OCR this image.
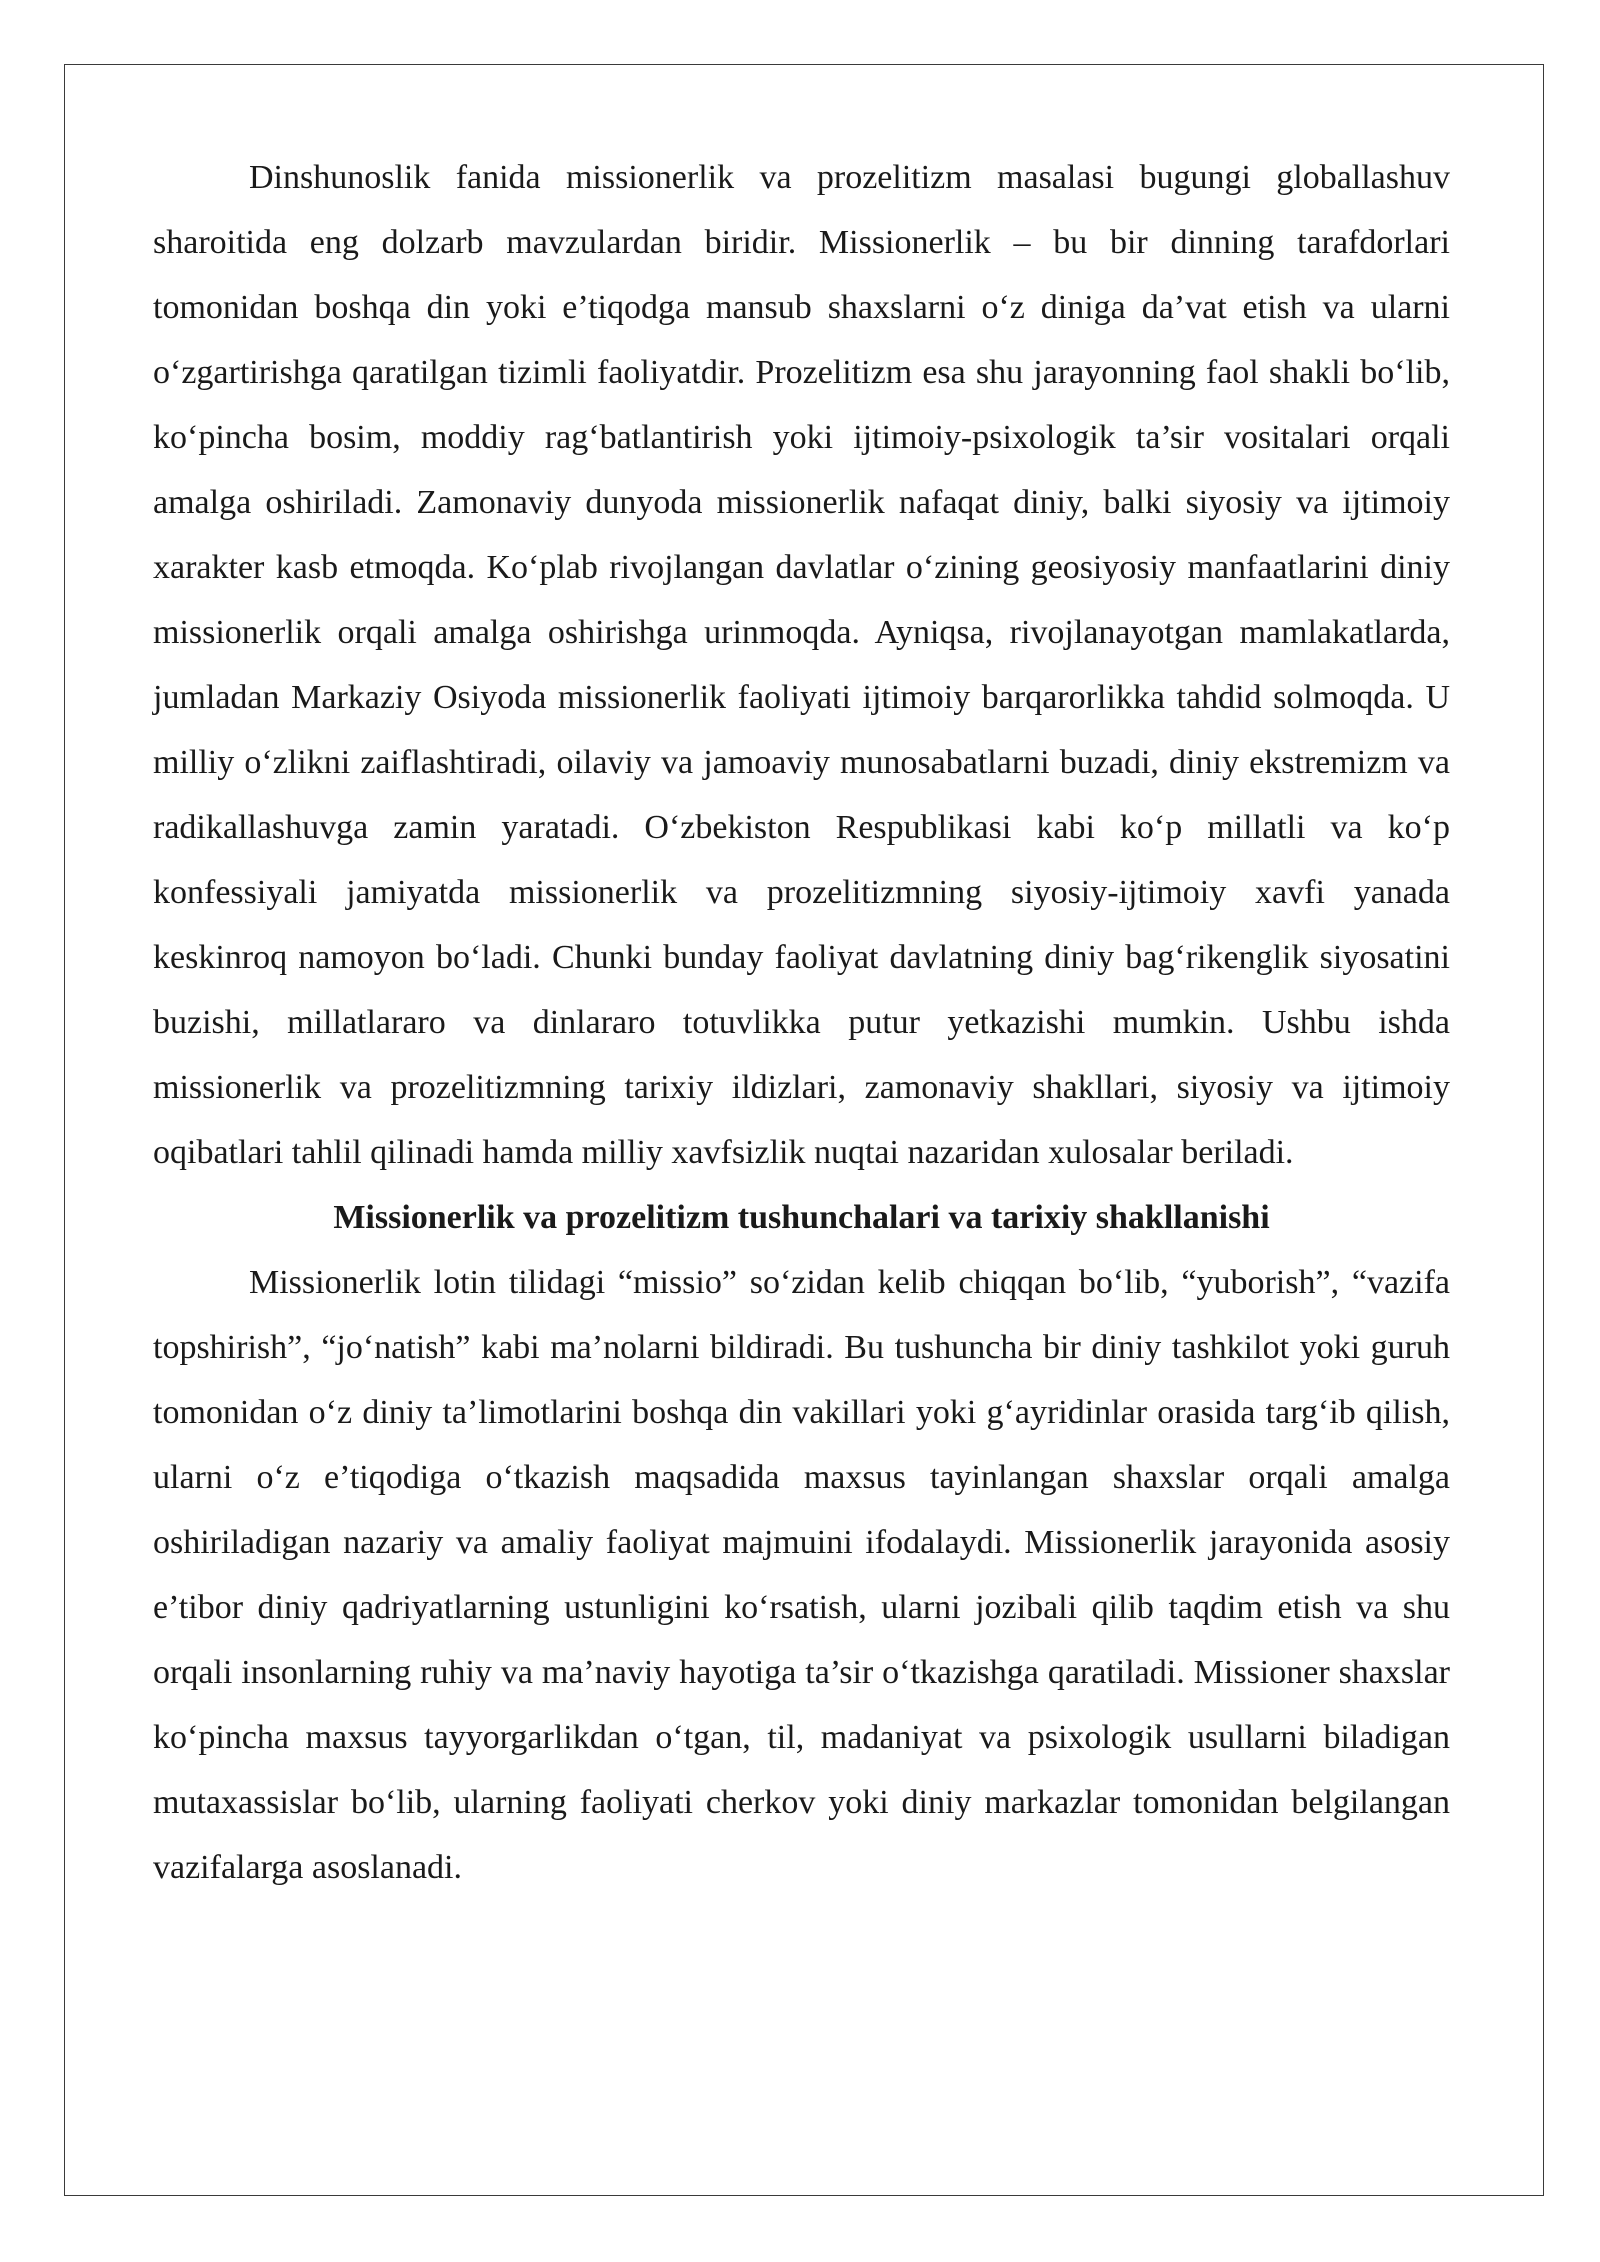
Dinshunoslik fanida missionerlik va prozelitizm masalasi bugungi globallashuv sharoitida eng dolzarb mavzulardan biridir. Missionerlik – bu bir dinning tarafdorlari tomonidan boshqa din yoki e’tiqodga mansub shaxslarni o‘z diniga da’vat etish va ularni o‘zgartirishga qaratilgan tizimli faoliyatdir. Prozelitizm esa shu jarayonning faol shakli bo‘lib, ko‘pincha bosim, moddiy rag‘batlantirish yoki ijtimoiy-psixologik ta’sir vositalari orqali amalga oshiriladi. Zamonaviy dunyoda missionerlik nafaqat diniy, balki siyosiy va ijtimoiy xarakter kasb etmoqda. Ko‘plab rivojlangan davlatlar o‘zining geosiyosiy manfaatlarini diniy missionerlik orqali amalga oshirishga urinmoqda. Ayniqsa, rivojlanayotgan mamlakatlarda, jumladan Markaziy Osiyoda missionerlik faoliyati ijtimoiy barqarorlikka tahdid solmoqda. U milliy o‘zlikni zaiflashtiradi, oilaviy va jamoaviy munosabatlarni buzadi, diniy ekstremizm va radikallashuvga zamin yaratadi. O‘zbekiston Respublikasi kabi ko‘p millatli va ko‘p konfessiyali jamiyatda missionerlik va prozelitizmning siyosiy-ijtimoiy xavfi yanada keskinroq namoyon bo‘ladi. Chunki bunday faoliyat davlatning diniy bag‘rikenglik siyosatini buzishi, millatlararo va dinlararo totuvlikka putur yetkazishi mumkin. Ushbu ishda missionerlik va prozelitizmning tarixiy ildizlari, zamonaviy shakllari, siyosiy va ijtimoiy oqibatlari tahlil qilinadi hamda milliy xavfsizlik nuqtai nazaridan xulosalar beriladi.

Missionerlik va prozelitizm tushunchalari va tarixiy shakllanishi

Missionerlik lotin tilidagi “missio” so‘zidan kelib chiqqan bo‘lib, “yuborish”, “vazifa topshirish”, “jo‘natish” kabi ma’nolarni bildiradi. Bu tushuncha bir diniy tashkilot yoki guruh tomonidan o‘z diniy ta’limotlarini boshqa din vakillari yoki g‘ayridinlar orasida targ‘ib qilish, ularni o‘z e’tiqodiga o‘tkazish maqsadida maxsus tayinlangan shaxslar orqali amalga oshiriladigan nazariy va amaliy faoliyat majmuini ifodalaydi. Missionerlik jarayonida asosiy e’tibor diniy qadriyatlarning ustunligini ko‘rsatish, ularni jozibali qilib taqdim etish va shu orqali insonlarning ruhiy va ma’naviy hayotiga ta’sir o‘tkazishga qaratiladi. Missioner shaxslar ko‘pincha maxsus tayyorgarlikdan o‘tgan, til, madaniyat va psixologik usullarni biladigan mutaxassislar bo‘lib, ularning faoliyati cherkov yoki diniy markazlar tomonidan belgilangan vazifalarga asoslanadi.
